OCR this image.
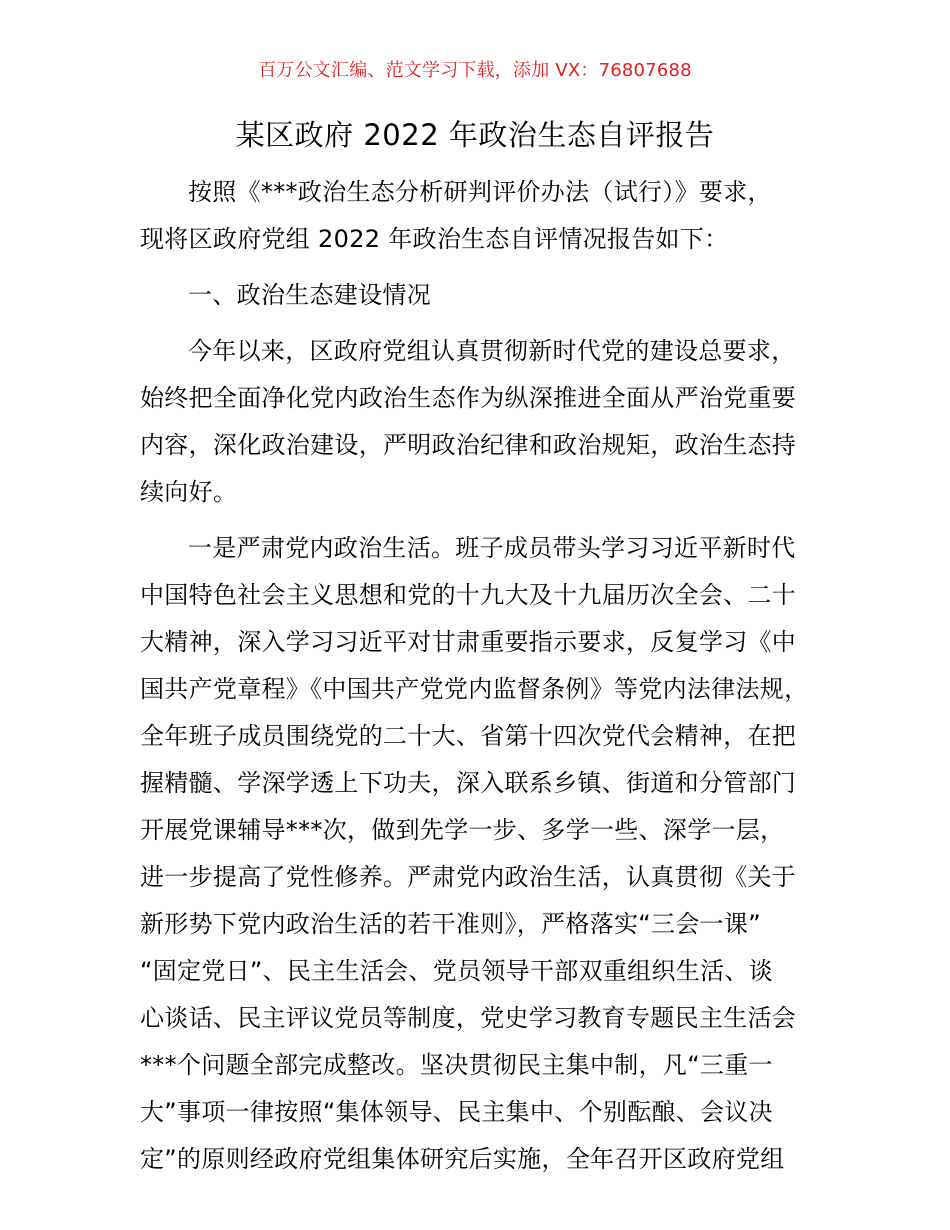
百万公文汇编、范文学习下载，添加 VX：76807688
某区政府 2022 年政治生态自评报告
按照《***政治生态分析研判评价办法（试行）》要求，
现将区政府党组 2022 年政治生态自评情况报告如下：
一、政治生态建设情况
今年以来，区政府党组认真贯彻新时代党的建设总要求，
始终把全面净化党内政治生态作为纵深推进全面从严治党重要
内容，深化政治建设，严明政治纪律和政治规矩，政治生态持
续向好。
一是严肃党内政治生活。班子成员带头学习习近平新时代
中国特色社会主义思想和党的十九大及十九届历次全会、二十
大精神，深入学习习近平对甘肃重要指示要求，反复学习《中
国共产党章程》《中国共产党党内监督条例》等党内法律法规，
全年班子成员围绕党的二十大、省第十四次党代会精神，在把
握精髓、学深学透上下功夫，深入联系乡镇、街道和分管部门
开展党课辅导***次，做到先学一步、多学一些、深学一层，
进一步提高了党性修养。严肃党内政治生活，认真贯彻《关于
新形势下党内政治生活的若干准则》，严格落实“三会一课”
“固定党日”、民主生活会、党员领导干部双重组织生活、谈
心谈话、民主评议党员等制度，党史学习教育专题民主生活会
***个问题全部完成整改。坚决贯彻民主集中制，凡“三重一
大”事项一律按照“集体领导、民主集中、个别酝酿、会议决
定”的原则经政府党组集体研究后实施，全年召开区政府党组
